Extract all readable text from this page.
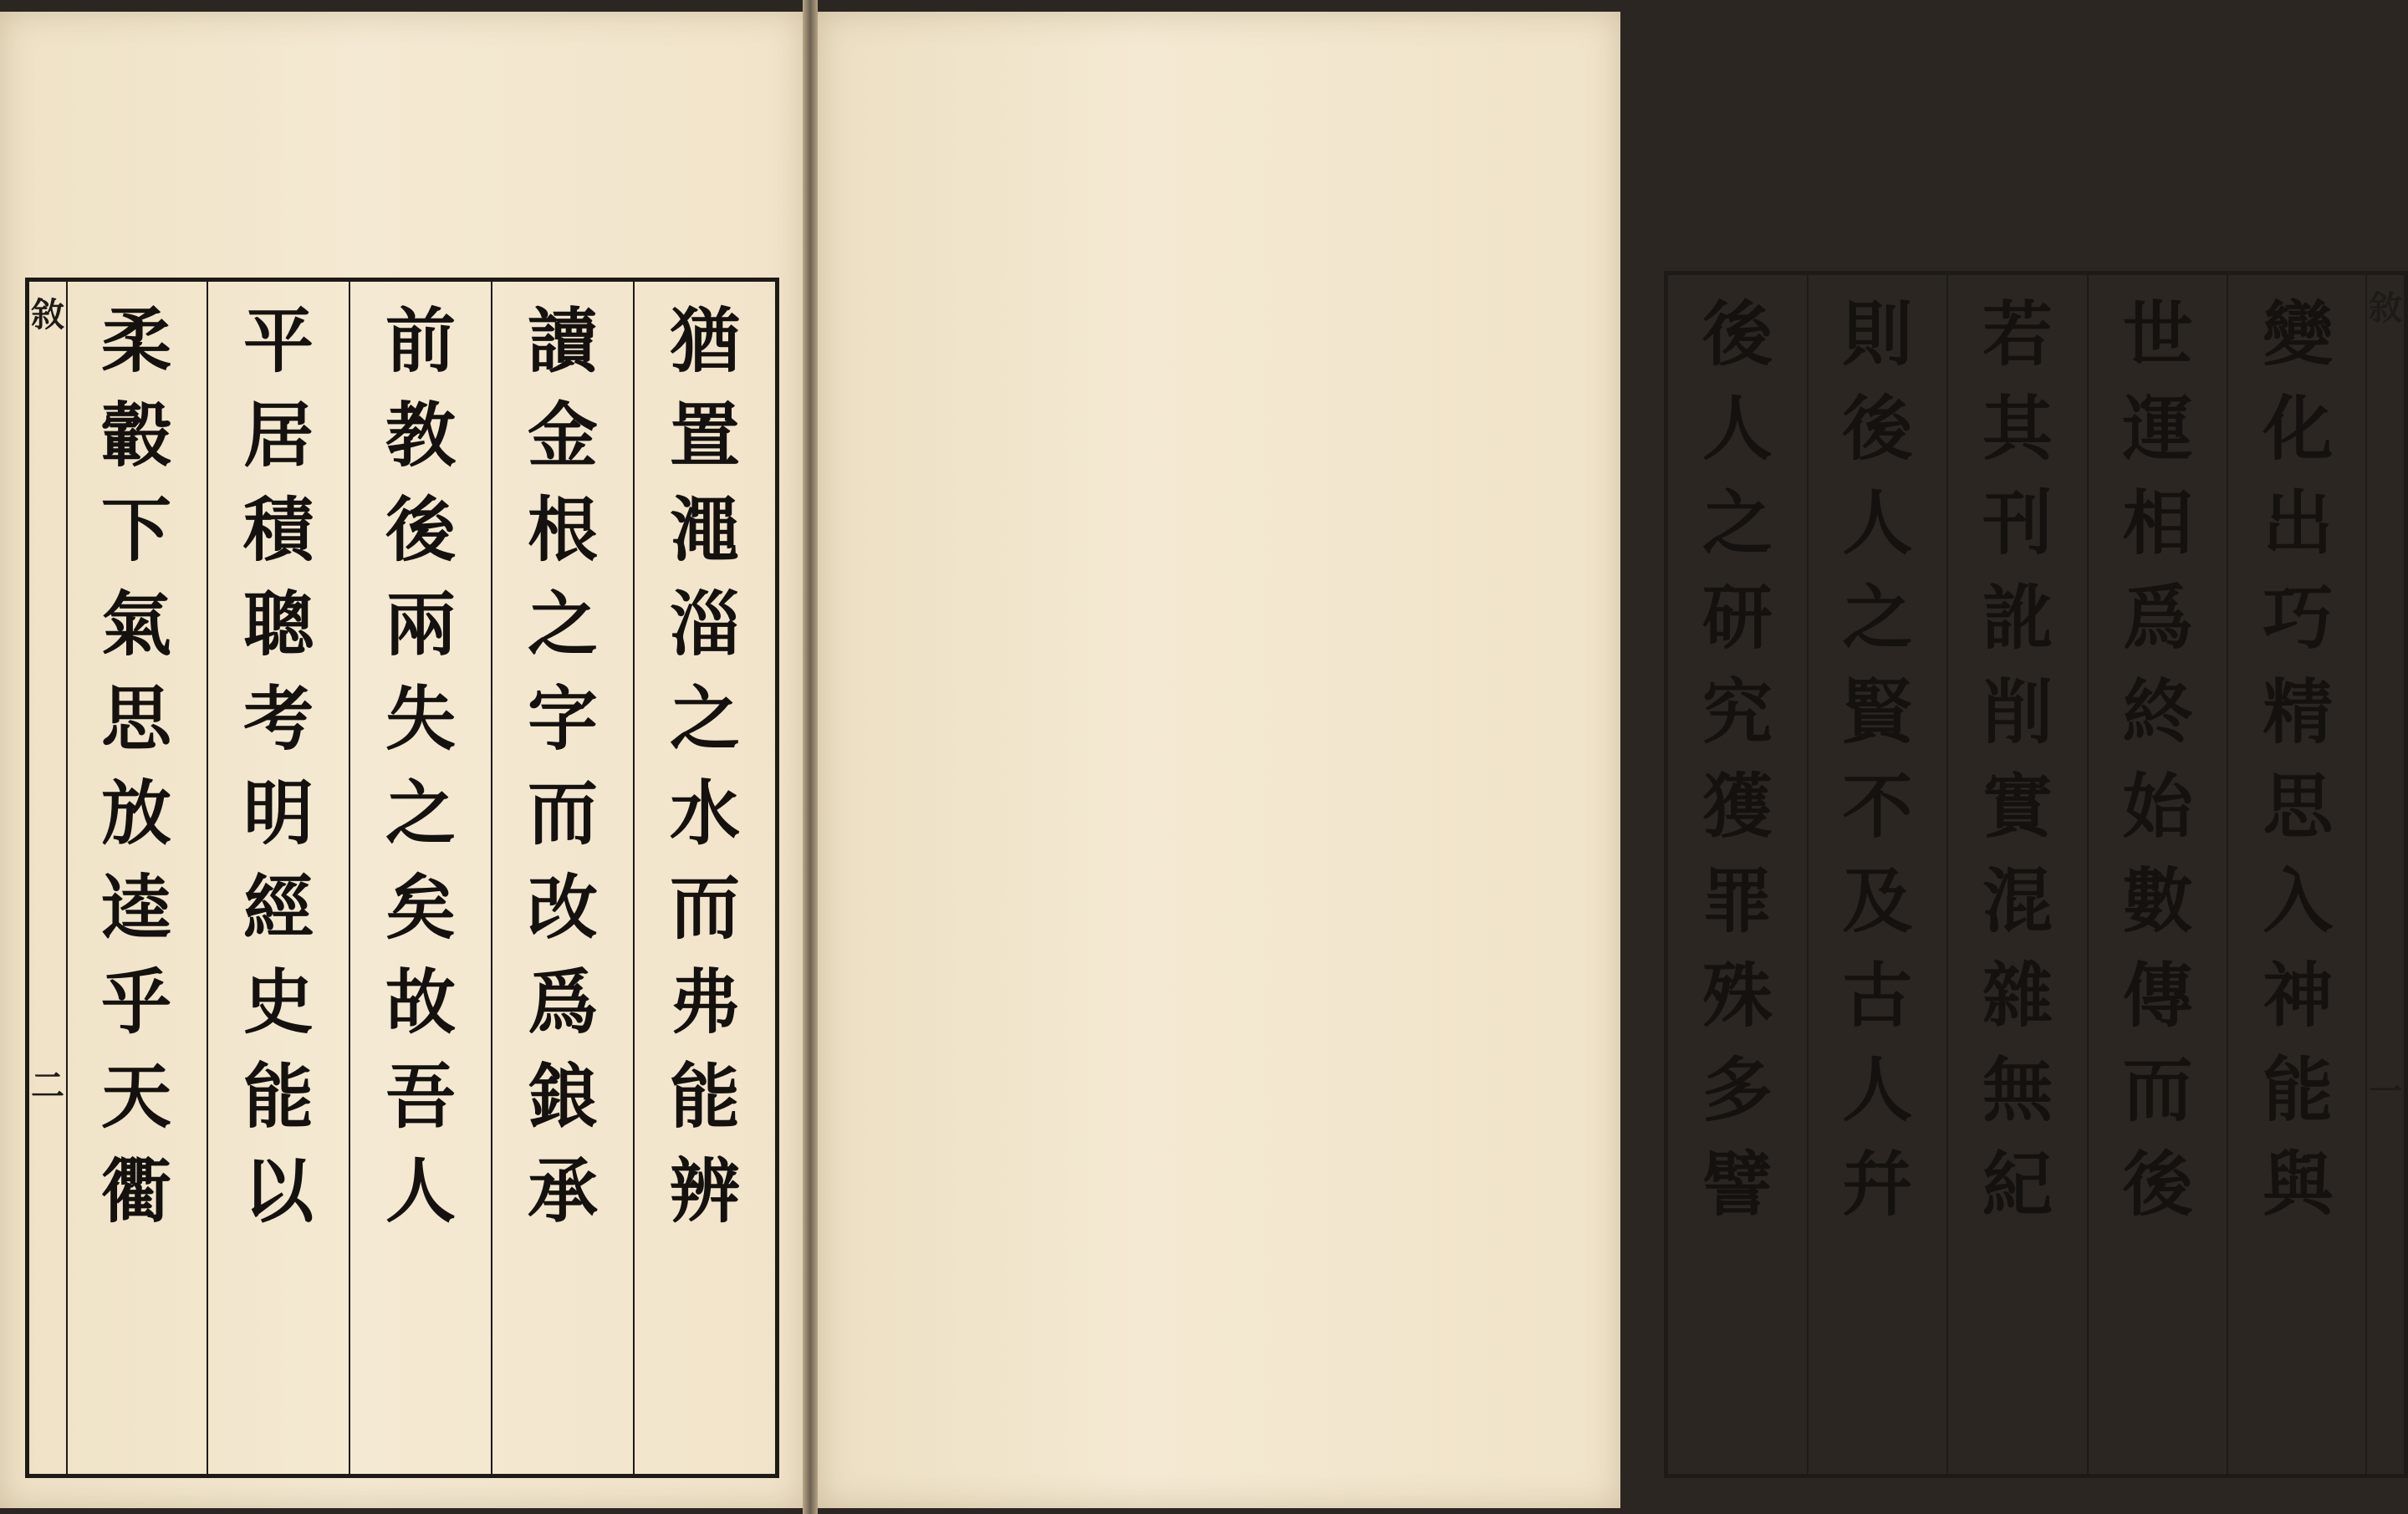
敘
二
猶
置
澠
淄
之
水
而
弗
能
辨
讀
金
根
之
字
而
改
爲
鋃
承
前
教
後
兩
失
之
矣
故
吾
人
平
居
積
聰
考
明
經
史
能
以
柔
轂
下
氣
思
放
逵
乎
天
衢
變
化
出
巧
精
思
入
神
能
與
世
運
相
爲
終
始
數
傳
而
後
若
其
刊
訛
削
實
混
雜
無
紀
則
後
人
之
賢
不
及
古
人
幷
後
人
之
研
究
獲
罪
殊
多
譬
敘
一
